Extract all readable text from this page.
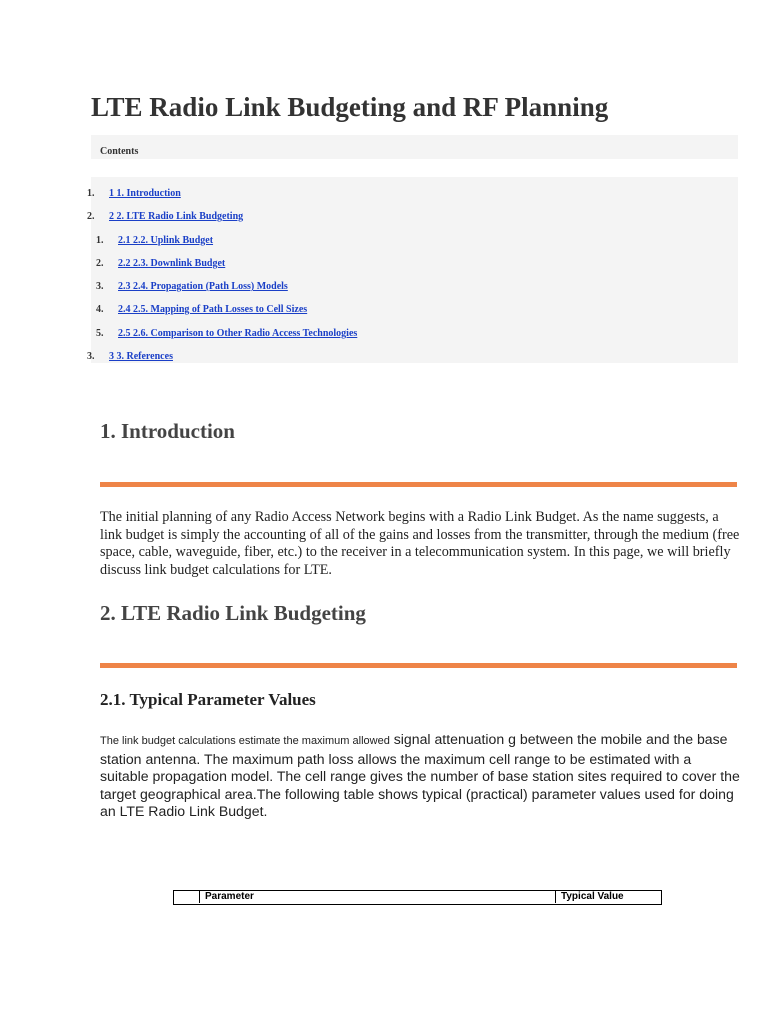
LTE Radio Link Budgeting and RF Planning
Contents
1. 1 1. Introduction
2. 2 2. LTE Radio Link Budgeting
1. 2.1 2.2. Uplink Budget
2. 2.2 2.3. Downlink Budget
3. 2.3 2.4. Propagation (Path Loss) Models
4. 2.4 2.5. Mapping of Path Losses to Cell Sizes
5. 2.5 2.6. Comparison to Other Radio Access Technologies
3. 3 3. References
1. Introduction

The initial planning of any Radio Access Network begins with a Radio Link Budget. As the name suggests, a link budget is simply the accounting of all of the gains and losses from the transmitter, through the medium (free space, cable, waveguide, fiber, etc.) to the receiver in a telecommunication system. In this page, we will briefly discuss link budget calculations for LTE.

2. LTE Radio Link Budgeting
2.1. Typical Parameter Values

The link budget calculations estimate the maximum allowed signal attenuation g between the mobile and the base station antenna. The maximum path loss allows the maximum cell range to be estimated with a suitable propagation model. The cell range gives the number of base station sites required to cover the target geographical area.The following table shows typical (practical) parameter values used for doing an LTE Radio Link Budget.

Parameter	Typical Value
